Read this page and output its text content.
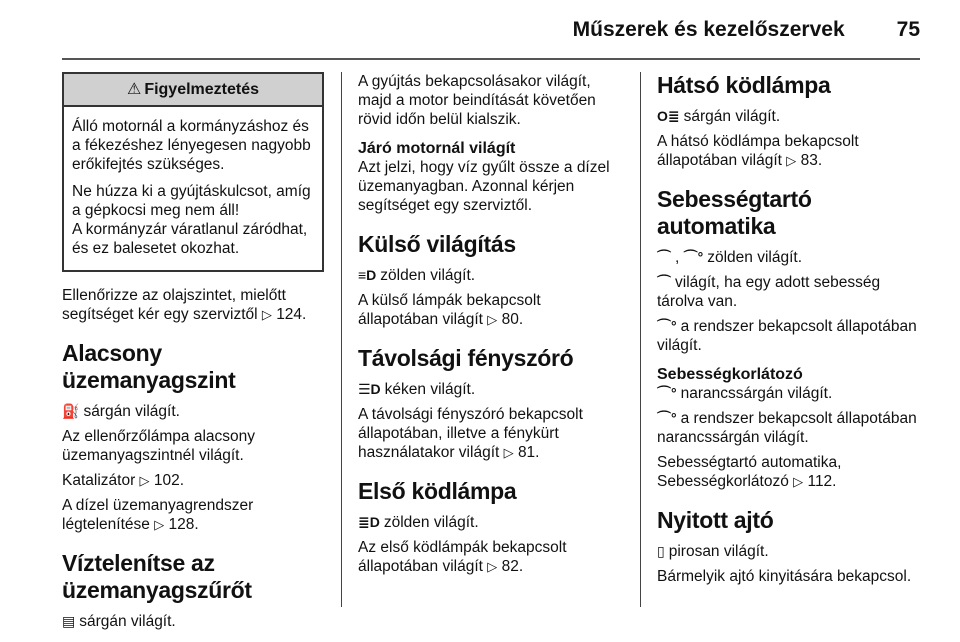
Műszerek és kezelőszervek 75
⚠ Figyelmeztetés

Álló motornál a kormányzáshoz és a fékezéshez lényegesen nagyobb erőkifejtés szükséges.

Ne húzza ki a gyújtáskulcsot, amíg a gépkocsi meg nem áll!

A kormányzár váratlanul záródhat, és ez balesetet okozhat.

Ellenőrizze az olajszintet, mielőtt segítséget kér egy szerviztől ▷ 124.

Alacsony üzemanyagszint

⛽ sárgán világít.

Az ellenőrzőlámpa alacsony üzemanyagszintnél világít.

Katalizátor ▷ 102.

A dízel üzemanyagrendszer légtelenítése ▷ 128.

Víztelenítse az üzemanyagszűrőt

▤ sárgán világít.

A gyújtás bekapcsolásakor világít, majd a motor beindítását követően rövid időn belül kialszik.

Járó motornál világít

Azt jelzi, hogy víz gyűlt össze a dízel üzemanyagban. Azonnal kérjen segítséget egy szerviztől.

Külső világítás

≡D zölden világít.

A külső lámpák bekapcsolt állapotában világít ▷ 80.

Távolsági fényszóró

☰D kéken világít.

A távolsági fényszóró bekapcsolt állapotában, illetve a fénykürt használatakor világít ▷ 81.

Első ködlámpa

≣D zölden világít.

Az első ködlámpák bekapcsolt állapotában világít ▷ 82.

Hátsó ködlámpa

O≣ sárgán világít.

A hátsó ködlámpa bekapcsolt állapotában világít ▷ 83.

Sebességtartó automatika

⌒ , ⌒° zölden világít.

⌒ világít, ha egy adott sebesség tárolva van.

⌒° a rendszer bekapcsolt állapotában világít.

Sebességkorlátozó

⌒° narancssárgán világít.

⌒° a rendszer bekapcsolt állapotában narancssárgán világít.

Sebességtartó automatika, Sebességkorlátozó ▷ 112.

Nyitott ajtó

▯ pirosan világít.

Bármelyik ajtó kinyitására bekapcsol.
